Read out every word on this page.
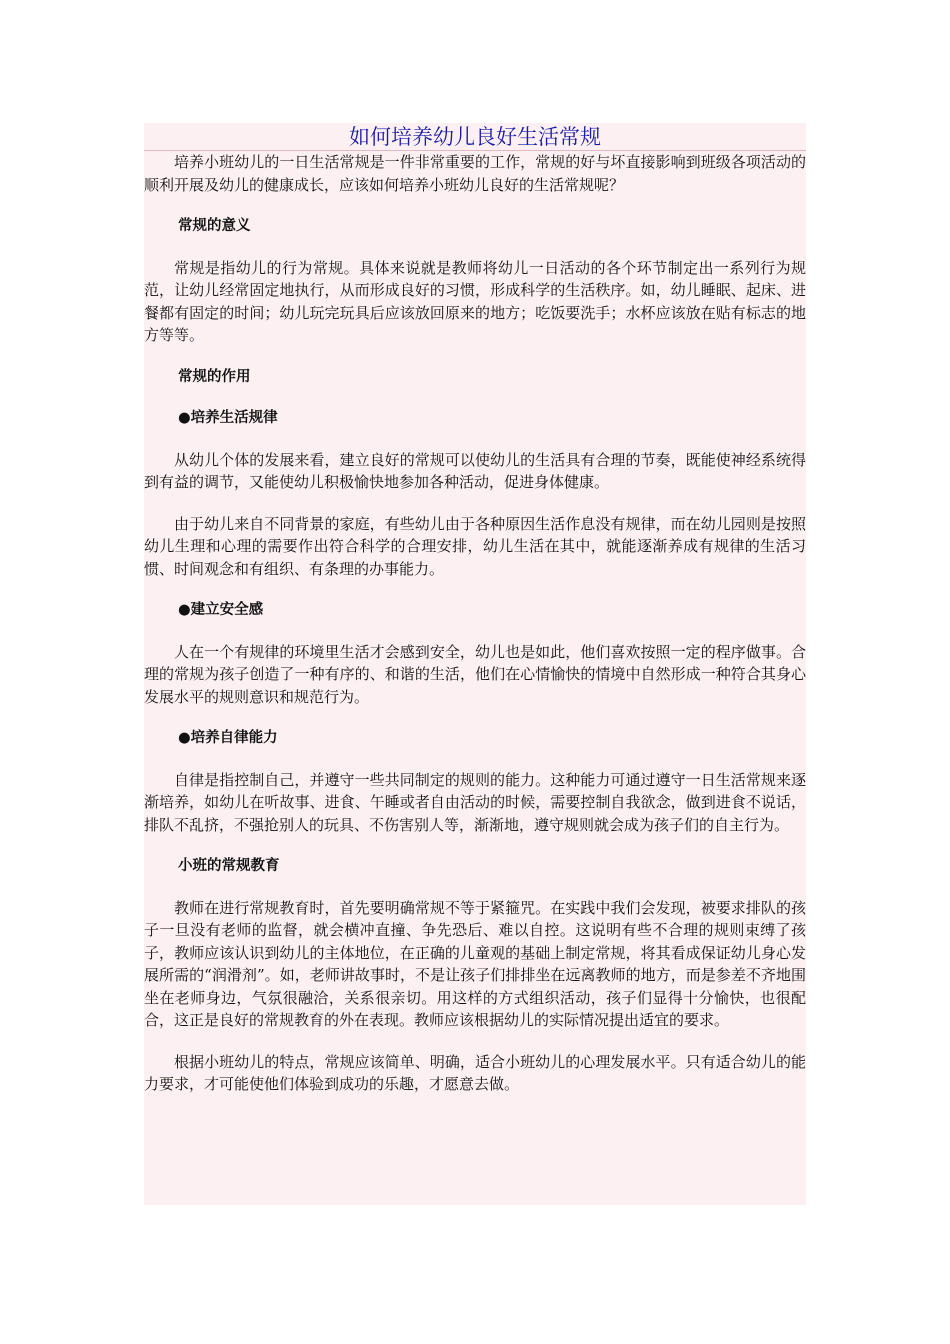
如何培养幼儿良好生活常规

培养小班幼儿的一日生活常规是一件非常重要的工作，常规的好与坏直接影响到班级各项活动的顺利开展及幼儿的健康成长，应该如何培养小班幼儿良好的生活常规呢？

常规的意义

常规是指幼儿的行为常规。具体来说就是教师将幼儿一日活动的各个环节制定出一系列行为规范，让幼儿经常固定地执行，从而形成良好的习惯，形成科学的生活秩序。如，幼儿睡眠、起床、进餐都有固定的时间；幼儿玩完玩具后应该放回原来的地方；吃饭要洗手；水杯应该放在贴有标志的地方等等。

常规的作用

●培养生活规律

从幼儿个体的发展来看，建立良好的常规可以使幼儿的生活具有合理的节奏，既能使神经系统得到有益的调节，又能使幼儿积极愉快地参加各种活动，促进身体健康。

由于幼儿来自不同背景的家庭，有些幼儿由于各种原因生活作息没有规律，而在幼儿园则是按照幼儿生理和心理的需要作出符合科学的合理安排，幼儿生活在其中，就能逐渐养成有规律的生活习惯、时间观念和有组织、有条理的办事能力。

●建立安全感

人在一个有规律的环境里生活才会感到安全，幼儿也是如此，他们喜欢按照一定的程序做事。合理的常规为孩子创造了一种有序的、和谐的生活，他们在心情愉快的情境中自然形成一种符合其身心发展水平的规则意识和规范行为。

●培养自律能力

自律是指控制自己，并遵守一些共同制定的规则的能力。这种能力可通过遵守一日生活常规来逐渐培养，如幼儿在听故事、进食、午睡或者自由活动的时候，需要控制自我欲念，做到进食不说话，排队不乱挤，不强抢别人的玩具、不伤害别人等，渐渐地，遵守规则就会成为孩子们的自主行为。

小班的常规教育

教师在进行常规教育时，首先要明确常规不等于紧箍咒。在实践中我们会发现，被要求排队的孩子一旦没有老师的监督，就会横冲直撞、争先恐后、难以自控。这说明有些不合理的规则束缚了孩子，教师应该认识到幼儿的主体地位，在正确的儿童观的基础上制定常规，将其看成保证幼儿身心发展所需的“润滑剂”。如，老师讲故事时，不是让孩子们排排坐在远离教师的地方，而是参差不齐地围坐在老师身边，气氛很融洽，关系很亲切。用这样的方式组织活动，孩子们显得十分愉快，也很配合，这正是良好的常规教育的外在表现。教师应该根据幼儿的实际情况提出适宜的要求。

根据小班幼儿的特点，常规应该简单、明确，适合小班幼儿的心理发展水平。只有适合幼儿的能力要求，才可能使他们体验到成功的乐趣，才愿意去做。
